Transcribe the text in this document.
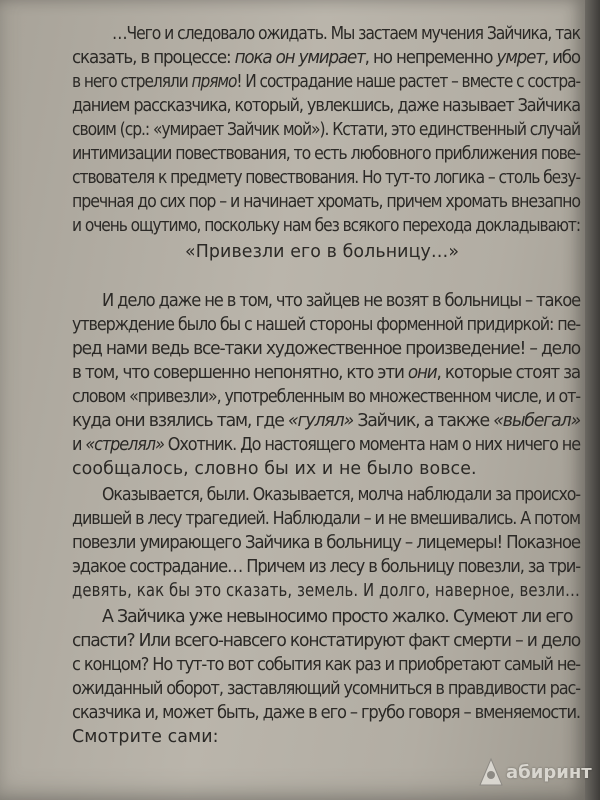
…Чего и следовало ожидать. Мы застаем мучения Зайчика, так
сказать, в процессе: пока он умирает, но непременно умрет, ибо
в него стреляли прямо! И сострадание наше растет – вместе с состра-
данием рассказчика, который, увлекшись, даже называет Зайчика
своим (ср.: «умирает Зайчик мой»). Кстати, это единственный случай
интимизации повествования, то есть любовного приближения пове-
ствователя к предмету повествования. Но тут-то логика – столь безу-
пречная до сих пор – и начинает хромать, причем хромать внезапно
и очень ощутимо, поскольку нам без всякого перехода докладывают:
«Привезли его в больницу…»
И дело даже не в том, что зайцев не возят в больницы – такое
утверждение было бы с нашей стороны форменной придиркой: пе-
ред нами ведь все-таки художественное произведение! – дело
в том, что совершенно непонятно, кто эти они, которые стоят за
словом «привезли», употребленным во множественном числе, и от-
куда они взялись там, где «гулял» Зайчик, а также «выбегал»
и «стрелял» Охотник. До настоящего момента нам о них ничего не
сообщалось, словно бы их и не было вовсе.
Оказывается, были. Оказывается, молча наблюдали за происхо-
дившей в лесу трагедией. Наблюдали – и не вмешивались. А потом
повезли умирающего Зайчика в больницу – лицемеры! Показное
эдакое сострадание… Причем из лесу в больницу повезли, за три-
девять, как бы это сказать, земель. И долго, наверное, везли…
А Зайчика уже невыносимо просто жалко. Сумеют ли его
спасти? Или всего-навсего констатируют факт смерти – и дело
с концом? Но тут-то вот события как раз и приобретают самый не-
ожиданный оборот, заставляющий усомниться в правдивости рас-
сказчика и, может быть, даже в его – грубо говоря – вменяемости.
Смотрите сами:
абиринт
